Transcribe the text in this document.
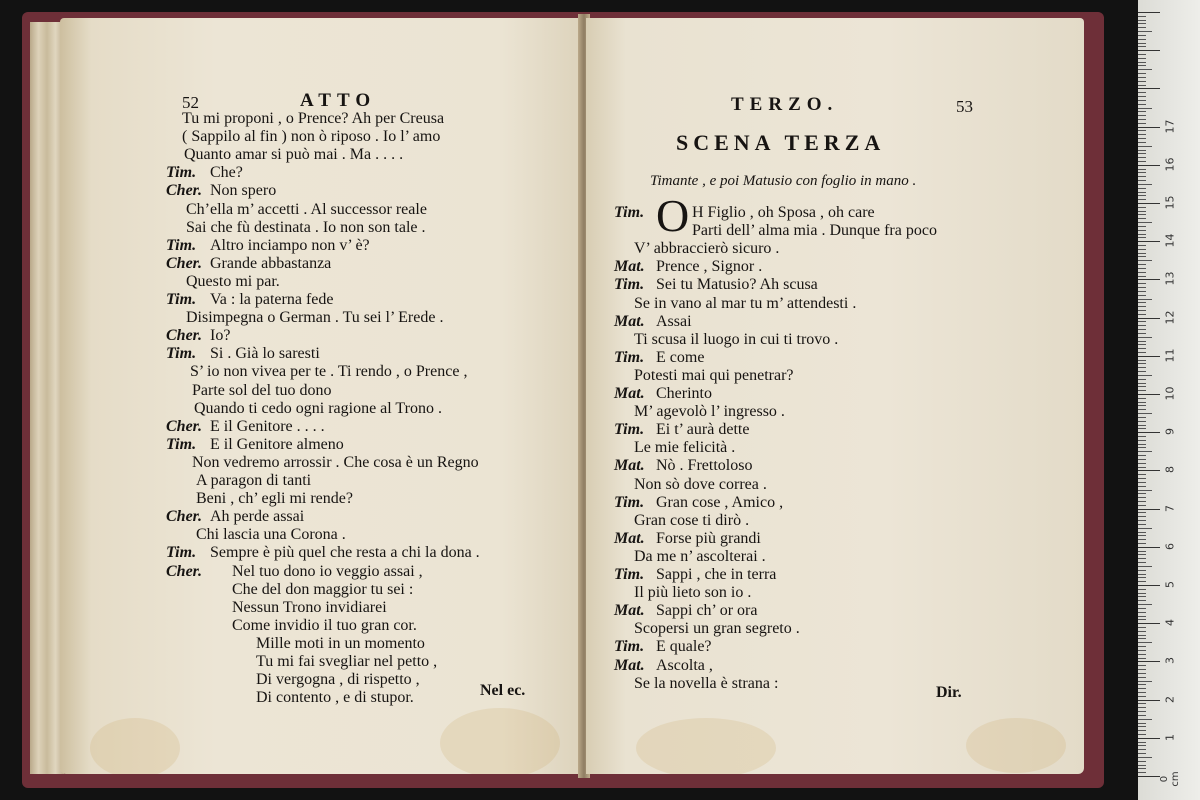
52	ATTO
Nel ec.
Tu mi proponi , o Prence? Ah per Creusa
( Sappilo al fin ) non ò riposo . Io l’ amo
Quanto amar si può mai . Ma . . . .
Tim. Che?
Cher. Non spero
Ch’ella m’ accetti . Al successor reale
Sai che fù destinata . Io non son tale .
Tim. Altro inciampo non v’ è?
Cher. Grande abbastanza
Questo mi par.
Tim. Va : la paterna fede
Disimpegna o German . Tu sei l’ Erede .
Cher. Io?
Tim. Si . Già lo saresti
S’ io non vivea per te . Ti rendo , o Prence ,
Parte sol del tuo dono
Quando ti cedo ogni ragione al Trono .
Cher. E il Genitore . . . .
Tim. E il Genitore almeno
Non vedremo arrossir . Che cosa è un Regno
A paragon di tanti
Beni , ch’ egli mi rende?
Cher. Ah perde assai
Chi lascia una Corona .
Tim. Sempre è più quel che resta a chi la dona .
Cher. Nel tuo dono io veggio assai ,
Che del don maggior tu sei :
Nessun Trono invidiarei
Come invidio il tuo gran cor.
Mille moti in un momento
Tu mi fai svegliar nel petto ,
Di vergogna , di rispetto ,
Di contento , e di stupor.
TERZO.	53
SCENA TERZA
Timante , e poi Matusio con foglio in mano .
O
Dir.
Tim.	H Figlio , oh Sposa , oh care
Parti dell’ alma mia . Dunque fra poco
V’ abbraccierò sicuro .
Mat. Prence , Signor .
Tim. Sei tu Matusio? Ah scusa
Se in vano al mar tu m’ attendesti .
Mat. Assai
Ti scusa il luogo in cui ti trovo .
Tim. E come
Potesti mai qui penetrar?
Mat. Cherinto
M’ agevolò l’ ingresso .
Tim. Ei t’ aurà dette
Le mie felicità .
Mat. Nò . Frettoloso
Non sò dove correa .
Tim. Gran cose , Amico ,
Gran cose ti dirò .
Mat. Forse più grandi
Da me n’ ascolterai .
Tim. Sappi , che in terra
Il più lieto son io .
Mat. Sappi ch’ or ora
Scopersi un gran segreto .
Tim. E quale?
Mat. Ascolta ,
Se la novella è strana :
1
2
3
4
5
6
7
8
9
10
11
12
13
14
15
16
17
0 cm
